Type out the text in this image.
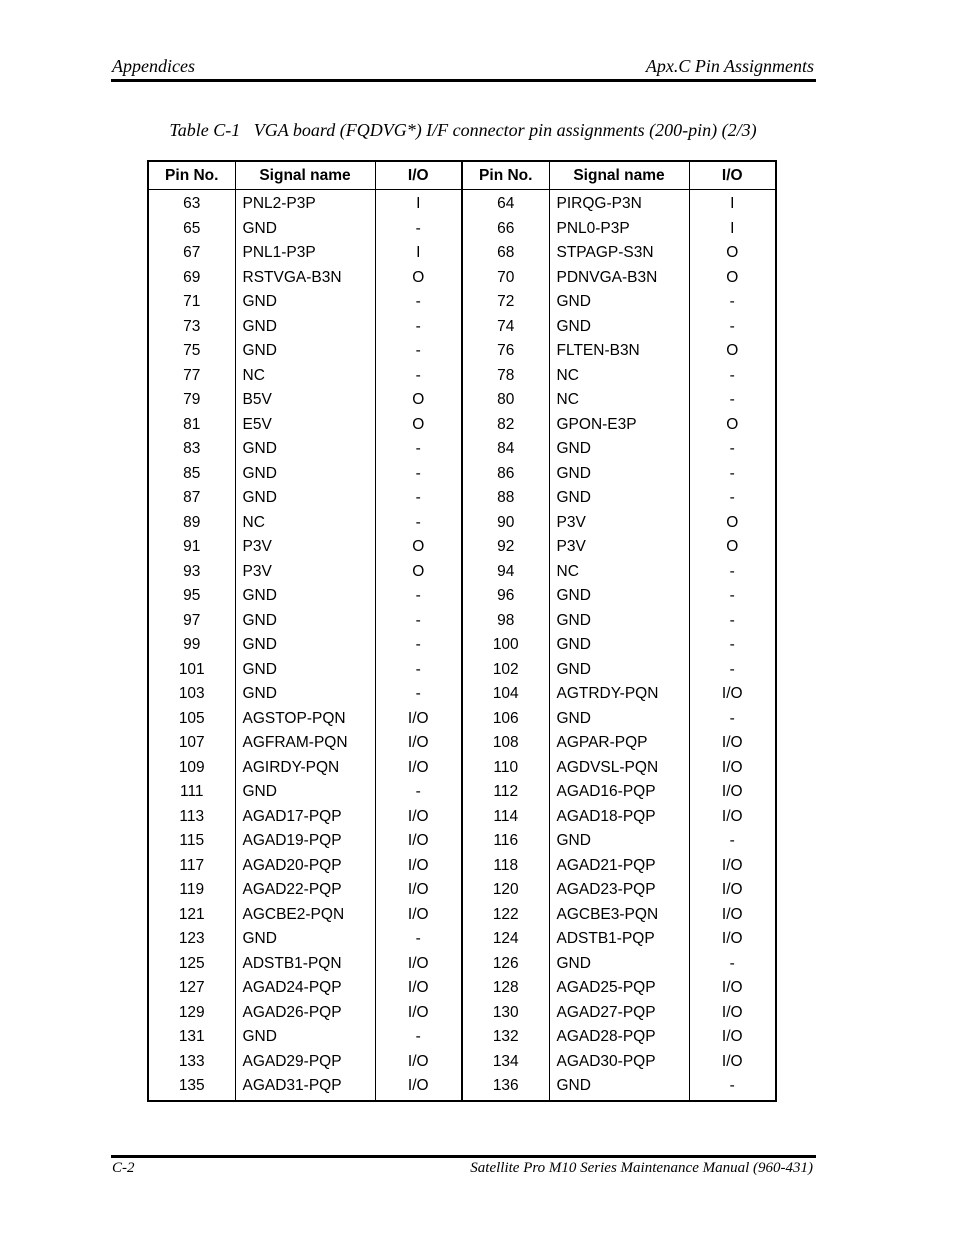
Appendices	Apx.C Pin Assignments
Table C-1   VGA board (FQDVG*) I/F connector pin assignments (200-pin) (2/3)
Pin No.	Signal name	I/O	Pin No.	Signal name	I/O
63	PNL2-P3P	I	64	PIRQG-P3N	I
65	GND	-	66	PNL0-P3P	I
67	PNL1-P3P	I	68	STPAGP-S3N	O
69	RSTVGA-B3N	O	70	PDNVGA-B3N	O
71	GND	-	72	GND	-
73	GND	-	74	GND	-
75	GND	-	76	FLTEN-B3N	O
77	NC	-	78	NC	-
79	B5V	O	80	NC	-
81	E5V	O	82	GPON-E3P	O
83	GND	-	84	GND	-
85	GND	-	86	GND	-
87	GND	-	88	GND	-
89	NC	-	90	P3V	O
91	P3V	O	92	P3V	O
93	P3V	O	94	NC	-
95	GND	-	96	GND	-
97	GND	-	98	GND	-
99	GND	-	100	GND	-
101	GND	-	102	GND	-
103	GND	-	104	AGTRDY-PQN	I/O
105	AGSTOP-PQN	I/O	106	GND	-
107	AGFRAM-PQN	I/O	108	AGPAR-PQP	I/O
109	AGIRDY-PQN	I/O	110	AGDVSL-PQN	I/O
111	GND	-	112	AGAD16-PQP	I/O
113	AGAD17-PQP	I/O	114	AGAD18-PQP	I/O
115	AGAD19-PQP	I/O	116	GND	-
117	AGAD20-PQP	I/O	118	AGAD21-PQP	I/O
119	AGAD22-PQP	I/O	120	AGAD23-PQP	I/O
121	AGCBE2-PQN	I/O	122	AGCBE3-PQN	I/O
123	GND	-	124	ADSTB1-PQP	I/O
125	ADSTB1-PQN	I/O	126	GND	-
127	AGAD24-PQP	I/O	128	AGAD25-PQP	I/O
129	AGAD26-PQP	I/O	130	AGAD27-PQP	I/O
131	GND	-	132	AGAD28-PQP	I/O
133	AGAD29-PQP	I/O	134	AGAD30-PQP	I/O
135	AGAD31-PQP	I/O	136	GND	-
C-2	Satellite Pro M10 Series Maintenance Manual (960-431)
